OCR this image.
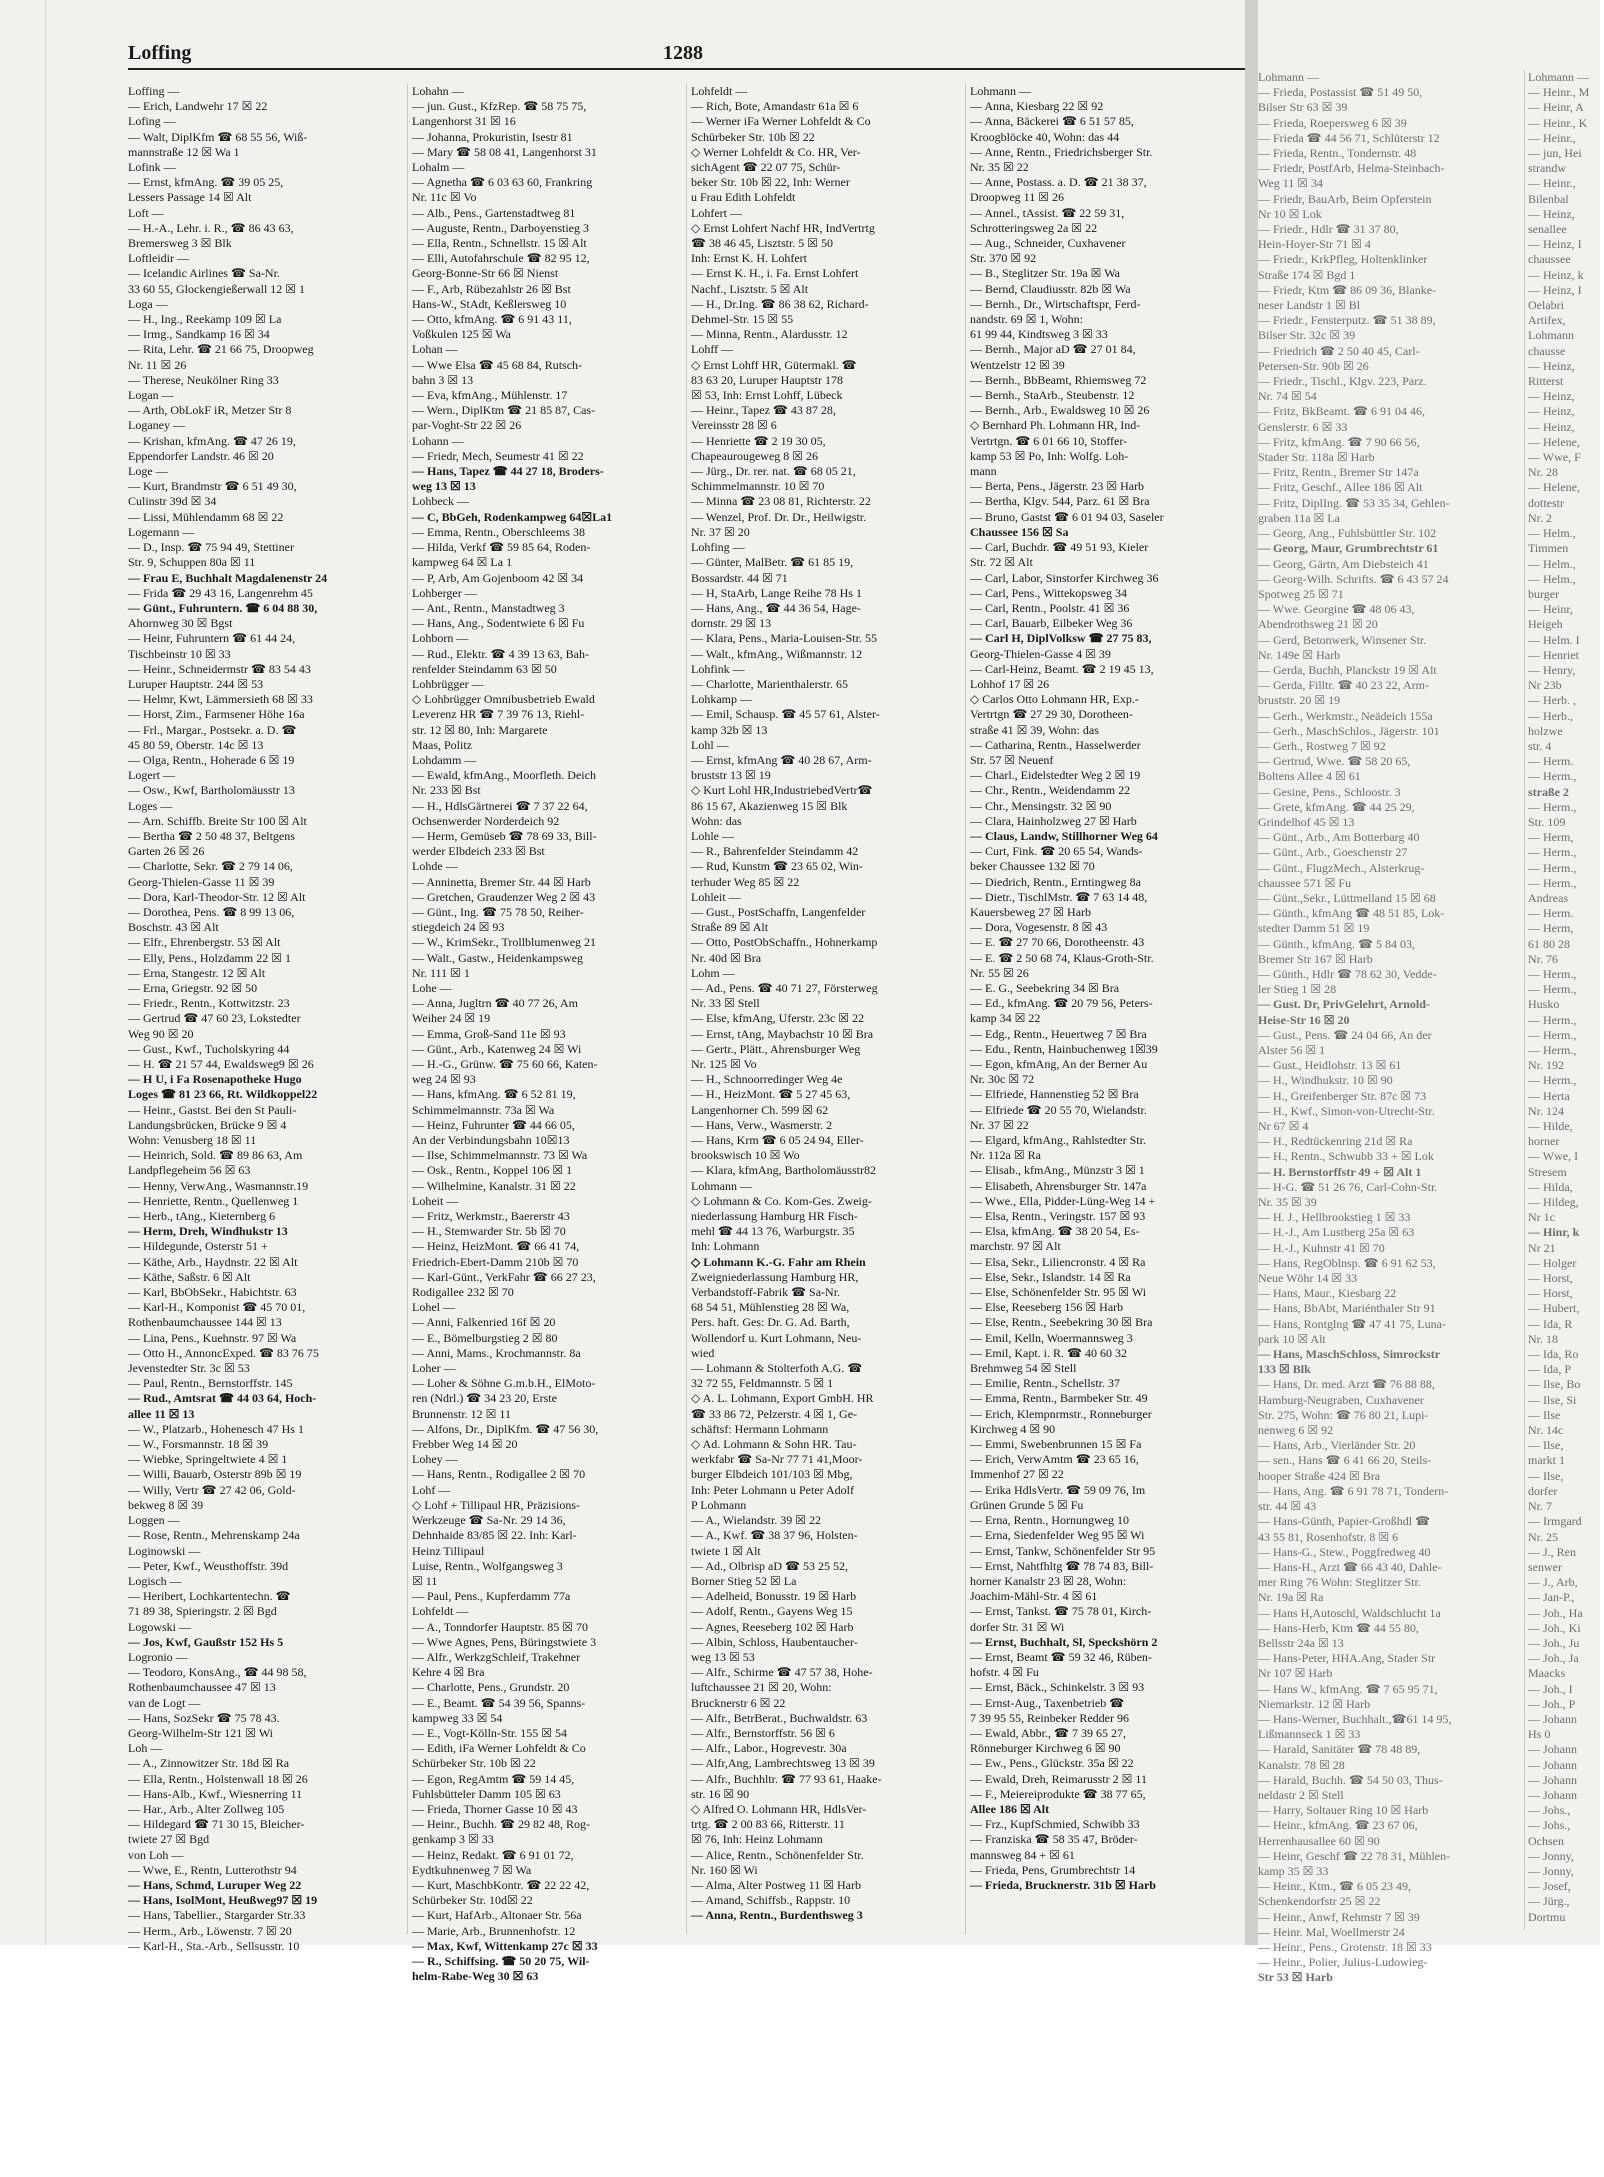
Loffing	1288
Loffing —
— Erich, Landwehr 17 ☒ 22
Lofing —
— Walt, DiplKfm ☎ 68 55 56, Wiß-
mannstraße 12 ☒ Wa 1
Lofink —
— Ernst, kfmAng. ☎ 39 05 25,
Lessers Passage 14 ☒ Alt
Loft —
— H.-A., Lehr. i. R., ☎ 86 43 63,
Bremersweg 3 ☒ Blk
Loftleidir —
— Icelandic Airlines ☎ Sa-Nr.
33 60 55, Glockengießerwall 12 ☒ 1
Loga —
— H., Ing., Reekamp 109 ☒ La
— Irmg., Sandkamp 16 ☒ 34
— Rita, Lehr. ☎ 21 66 75, Droopweg
Nr. 11 ☒ 26
— Therese, Neukölner Ring 33
Logan —
— Arth, ObLokF iR, Metzer Str 8
Loganey —
— Krishan, kfmAng. ☎ 47 26 19,
Eppendorfer Landstr. 46 ☒ 20
Loge —
— Kurt, Brandmstr ☎ 6 51 49 30,
Culinstr 39d ☒ 34
— Lissi, Mühlendamm 68 ☒ 22
Logemann —
— D., Insp. ☎ 75 94 49, Stettiner
Str. 9, Schuppen 80a ☒ 11
— Frau E, Buchhalt Magdalenenstr 24
— Frida ☎ 29 43 16, Langenrehm 45
— Günt., Fuhruntern. ☎ 6 04 88 30,
Ahornweg 30 ☒ Bgst
— Heinr, Fuhruntern ☎ 61 44 24,
Tischbeinstr 10 ☒ 33
— Heinr., Schneidermstr ☎ 83 54 43
Luruper Hauptstr. 244 ☒ 53
— Helmr, Kwt, Lämmersieth 68 ☒ 33
— Horst, Zim., Farmsener Höhe 16a
— Frl., Margar., Postsekr. a. D. ☎
45 80 59, Oberstr. 14c ☒ 13
— Olga, Rentn., Hoherade 6 ☒ 19
Logert —
— Osw., Kwf, Bartholomäusstr 13
Loges —
— Arn. Schiffb. Breite Str 100 ☒ Alt
— Bertha ☎ 2 50 48 37, Beltgens
Garten 26 ☒ 26
— Charlotte, Sekr. ☎ 2 79 14 06,
Georg-Thielen-Gasse 11 ☒ 39
— Dora, Karl-Theodor-Str. 12 ☒ Alt
— Dorothea, Pens. ☎ 8 99 13 06,
Boschstr. 43 ☒ Alt
— Elfr., Ehrenbergstr. 53 ☒ Alt
— Elly, Pens., Holzdamm 22 ☒ 1
— Erna, Stangestr. 12 ☒ Alt
— Erna, Griegstr. 92 ☒ 50
— Friedr., Rentn., Kottwitzstr. 23
— Gertrud ☎ 47 60 23, Lokstedter
Weg 90 ☒ 20
— Gust., Kwf., Tucholskyring 44
— H. ☎ 21 57 44, Ewaldsweg9 ☒ 26
— H U, i Fa Rosenapotheke Hugo
Loges ☎ 81 23 66, Rt. Wildkoppel22
— Heinr., Gastst. Bei den St Pauli-
Landungsbrücken, Brücke 9 ☒ 4
Wohn: Venusberg 18 ☒ 11
— Heinrich, Sold. ☎ 89 86 63, Am
Landpflegeheim 56 ☒ 63
— Henny, VerwAng., Wasmannstr.19
— Henriette, Rentn., Quellenweg 1
— Herb., tAng., Kieternberg 6
— Herm, Dreh, Windhukstr 13
— Hildegunde, Osterstr 51 +
— Käthe, Arb., Haydnstr. 22 ☒ Alt
— Käthe, Saßstr. 6 ☒ Alt
— Karl, BbObSekr., Habichtstr. 63
— Karl-H., Komponist ☎ 45 70 01,
Rothenbaumchaussee 144 ☒ 13
— Lina, Pens., Kuehnstr. 97 ☒ Wa
— Otto H., AnnoncExped. ☎ 83 76 75
Jevenstedter Str. 3c ☒ 53
— Paul, Rentn., Bernstorffstr. 145
— Rud., Amtsrat ☎ 44 03 64, Hoch-
allee 11 ☒ 13
— W., Platzarb., Hohenesch 47 Hs 1
— W., Forsmannstr. 18 ☒ 39
— Wiebke, Springeltwiete 4 ☒ 1
— Willi, Bauarb, Osterstr 89b ☒ 19
— Willy, Vertr ☎ 27 42 06, Gold-
bekweg 8 ☒ 39
Loggen —
— Rose, Rentn., Mehrenskamp 24a
Loginowski —
— Peter, Kwf., Weusthoffstr. 39d
Logisch —
— Heribert, Lochkartentechn. ☎
71 89 38, Spieringstr. 2 ☒ Bgd
Logowski —
— Jos, Kwf, Gaußstr 152 Hs 5
Logronio —
— Teodoro, KonsAng., ☎ 44 98 58,
Rothenbaumchaussee 47 ☒ 13
van de Logt —
— Hans, SozSekr ☎ 75 78 43.
Georg-Wilhelm-Str 121 ☒ Wi
Loh —
— A., Zinnowitzer Str. 18d ☒ Ra
— Ella, Rentn., Holstenwall 18 ☒ 26
— Hans-Alb., Kwf., Wiesnerring 11
— Har., Arb., Alter Zollweg 105
— Hildegard ☎ 71 30 15, Bleicher-
twiete 27 ☒ Bgd
von Loh —
— Wwe, E., Rentn, Lutterothstr 94
— Hans, Schmd, Luruper Weg 22
— Hans, IsolMont, Heußweg97 ☒ 19
— Hans, Tabellier., Stargarder Str.33
— Herm., Arb., Löwenstr. 7 ☒ 20
— Karl-H., Sta.-Arb., Sellsusstr. 10
Lohahn —
— jun. Gust., KfzRep. ☎ 58 75 75,
Langenhorst 31 ☒ 16
— Johanna, Prokuristin, Isestr 81
— Mary ☎ 58 08 41, Langenhorst 31
Lohalm —
— Agnetha ☎ 6 03 63 60, Frankring
Nr. 11c ☒ Vo
— Alb., Pens., Gartenstadtweg 81
— Auguste, Rentn., Darboyenstieg 3
— Ella, Rentn., Schnellstr. 15 ☒ Alt
— Elli, Autofahrschule ☎ 82 95 12,
Georg-Bonne-Str 66 ☒ Nienst
— F., Arb, Rübezahlstr 26 ☒ Bst
Hans-W., StAdt, Keßlersweg 10
— Otto, kfmAng. ☎ 6 91 43 11,
Voßkulen 125 ☒ Wa
Lohan —
— Wwe Elsa ☎ 45 68 84, Rutsch-
bahn 3 ☒ 13
— Eva, kfmAng., Mühlenstr. 17
— Wern., DiplKtm ☎ 21 85 87, Cas-
par-Voght-Str 22 ☒ 26
Lohann —
— Friedr, Mech, Seumestr 41 ☒ 22
— Hans, Tapez ☎ 44 27 18, Broders-
weg 13 ☒ 13
Lohbeck —
— C, BbGeh, Rodenkampweg 64☒La1
— Emma, Rentn., Oberschleems 38
— Hilda, Verkf ☎ 59 85 64, Roden-
kampweg 64 ☒ La 1
— P, Arb, Am Gojenboom 42 ☒ 34
Lohberger —
— Ant., Rentn., Manstadtweg 3
— Hans, Ang., Sodentwiete 6 ☒ Fu
Lohborn —
— Rud., Elektr. ☎ 4 39 13 63, Bah-
renfelder Steindamm 63 ☒ 50
Lohbrügger —
◇ Lohbrügger Omnibusbetrieb Ewald
Leverenz HR ☎ 7 39 76 13, Riehl-
str. 12 ☒ 80, Inh: Margarete
Maas, Politz
Lohdamm —
— Ewald, kfmAng., Moorfleth. Deich
Nr. 233 ☒ Bst
— H., HdlsGärtnerei ☎ 7 37 22 64,
Ochsenwerder Norderdeich 92
— Herm, Gemüseb ☎ 78 69 33, Bill-
werder Elbdeich 233 ☒ Bst
Lohde —
— Anninetta, Bremer Str. 44 ☒ Harb
— Gretchen, Graudenzer Weg 2 ☒ 43
— Günt., Ing. ☎ 75 78 50, Reiher-
stiegdeich 24 ☒ 93
— W., KrimSekr., Trollblumenweg 21
— Walt., Gastw., Heidenkampsweg
Nr. 111 ☒ 1
Lohe —
— Anna, Jugltrn ☎ 40 77 26, Am
Weiher 24 ☒ 19
— Emma, Groß-Sand 11e ☒ 93
— Günt., Arb., Katenweg 24 ☒ Wi
— H.-G., Grünw. ☎ 75 60 66, Katen-
weg 24 ☒ 93
— Hans, kfmAng. ☎ 6 52 81 19,
Schimmelmannstr. 73a ☒ Wa
— Heinz, Fuhrunter ☎ 44 66 05,
An der Verbindungsbahn 10☒13
— Ilse, Schimmelmannstr. 73 ☒ Wa
— Osk., Rentn., Koppel 106 ☒ 1
— Wilhelmine, Kanalstr. 31 ☒ 22
Loheit —
— Fritz, Werkmstr., Baererstr 43
— H., Stemwarder Str. 5b ☒ 70
— Heinz, HeizMont. ☎ 66 41 74,
Friedrich-Ebert-Damm 210b ☒ 70
— Karl-Günt., VerkFahr ☎ 66 27 23,
Rodigallee 232 ☒ 70
Lohel —
— Anni, Falkenried 16f ☒ 20
— E., Bömelburgstieg 2 ☒ 80
— Anni, Mams., Krochmannstr. 8a
Loher —
— Loher & Söhne G.m.b.H., ElMoto-
ren (Ndrl.) ☎ 34 23 20, Erste
Brunnenstr. 12 ☒ 11
— Alfons, Dr., DiplKfm. ☎ 47 56 30,
Frebber Weg 14 ☒ 20
Lohey —
— Hans, Rentn., Rodigallee 2 ☒ 70
Lohf —
◇ Lohf + Tillipaul HR, Präzisions-
Werkzeuge ☎ Sa-Nr. 29 14 36,
Dehnhaide 83/85 ☒ 22. Inh: Karl-
Heinz Tillipaul
Luise, Rentn., Wolfgangsweg 3
☒ 11
— Paul, Pens., Kupferdamm 77a
Lohfeldt —
— A., Tonndorfer Hauptstr. 85 ☒ 70
— Wwe Agnes, Pens, Büringstwiete 3
— Alfr., WerkzgSchleif, Trakehner
Kehre 4 ☒ Bra
— Charlotte, Pens., Grundstr. 20
— E., Beamt. ☎ 54 39 56, Spanns-
kampweg 33 ☒ 54
— E., Vogt-Kölln-Str. 155 ☒ 54
— Edith, iFa Werner Lohfeldt & Co
Schürbeker Str. 10b ☒ 22
— Egon, RegAmtm ☎ 59 14 45,
Fuhlsbütteler Damm 105 ☒ 63
— Frieda, Thorner Gasse 10 ☒ 43
— Heinr., Buchh. ☎ 29 82 48, Rog-
genkamp 3 ☒ 33
— Heinz, Redakt. ☎ 6 91 01 72,
Eydtkuhnenweg 7 ☒ Wa
— Kurt, MaschbKontr. ☎ 22 22 42,
Schürbeker Str. 10d☒ 22
— Kurt, HafArb., Altonaer Str. 56a
— Marie, Arb., Brunnenhofstr. 12
— Max, Kwf, Wittenkamp 27c ☒ 33
— R., Schiffsing. ☎ 50 20 75, Wil-
helm-Rabe-Weg 30 ☒ 63
Lohfeldt —
— Rich, Bote, Amandastr 61a ☒ 6
— Werner iFa Werner Lohfeldt & Co
Schürbeker Str. 10b ☒ 22
◇ Werner Lohfeldt & Co. HR, Ver-
sichAgent ☎ 22 07 75, Schür-
beker Str. 10b ☒ 22, Inh: Werner
u Frau Edith Lohfeldt
Lohfert —
◇ Ernst Lohfert Nachf HR, IndVertrtg
☎ 38 46 45, Lisztstr. 5 ☒ 50
Inh: Ernst K. H. Lohfert
— Ernst K. H., i. Fa. Ernst Lohfert
Nachf., Lisztstr. 5 ☒ Alt
— H., Dr.Ing. ☎ 86 38 62, Richard-
Dehmel-Str. 15 ☒ 55
— Minna, Rentn., Alardusstr. 12
Lohff —
◇ Ernst Lohff HR, Gütermakl. ☎
83 63 20, Luruper Hauptstr 178
☒ 53, Inh: Ernst Lohff, Lübeck
— Heinr., Tapez ☎ 43 87 28,
Vereinsstr 28 ☒ 6
— Henriette ☎ 2 19 30 05,
Chapeaurougeweg 8 ☒ 26
— Jürg., Dr. rer. nat. ☎ 68 05 21,
Schimmelmannstr. 10 ☒ 70
— Minna ☎ 23 08 81, Richterstr. 22
— Wenzel, Prof. Dr. Dr., Heilwigstr.
Nr. 37 ☒ 20
Lohfing —
— Günter, MalBetr. ☎ 61 85 19,
Bossardstr. 44 ☒ 71
— H, StaArb, Lange Reihe 78 Hs 1
— Hans, Ang., ☎ 44 36 54, Hage-
dornstr. 29 ☒ 13
— Klara, Pens., Maria-Louisen-Str. 55
— Walt., kfmAng., Wißmannstr. 12
Lohfink —
— Charlotte, Marienthalerstr. 65
Lohkamp —
— Emil, Schausp. ☎ 45 57 61, Alster-
kamp 32b ☒ 13
Lohl —
— Ernst, kfmAng ☎ 40 28 67, Arm-
bruststr 13 ☒ 19
◇ Kurt Lohl HR,IndustriebedVertr☎
86 15 67, Akazienweg 15 ☒ Blk
Wohn: das
Lohle —
— R., Bahrenfelder Steindamm 42
— Rud, Kunstm ☎ 23 65 02, Win-
terhuder Weg 85 ☒ 22
Lohleit —
— Gust., PostSchaffn, Langenfelder
Straße 89 ☒ Alt
— Otto, PostObSchaffn., Hohnerkamp
Nr. 40d ☒ Bra
Lohm —
— Ad., Pens. ☎ 40 71 27, Försterweg
Nr. 33 ☒ Stell
— Else, kfmAng, Uferstr. 23c ☒ 22
— Ernst, tAng, Maybachstr 10 ☒ Bra
— Gertr., Plätt., Ahrensburger Weg
Nr. 125 ☒ Vo
— H., Schnoorredinger Weg 4e
— H., HeizMont. ☎ 5 27 45 63,
Langenhorner Ch. 599 ☒ 62
— Hans, Verw., Wasmerstr. 2
— Hans, Krm ☎ 6 05 24 94, Eller-
brookswisch 10 ☒ Wo
— Klara, kfmAng, Bartholomäusstr82
Lohmann —
◇ Lohmann & Co. Kom-Ges. Zweig-
niederlassung Hamburg HR Fisch-
mehl ☎ 44 13 76, Warburgstr. 35
Inh: Lohmann
◇ Lohmann K.-G. Fahr am Rhein
Zweigniederlassung Hamburg HR,
Verbandstoff-Fabrik ☎ Sa-Nr.
68 54 51, Mühlenstieg 28 ☒ Wa,
Pers. haft. Ges: Dr. G. Ad. Barth,
Wollendorf u. Kurt Lohmann, Neu-
wied
— Lohmann & Stolterfoth A.G. ☎
32 72 55, Feldmannstr. 5 ☒ 1
◇ A. L. Lohmann, Export GmbH. HR
☎ 33 86 72, Pelzerstr. 4 ☒ 1, Ge-
schäftsf: Hermann Lohmann
◇ Ad. Lohmann & Sohn HR. Tau-
werkfabr ☎ Sa-Nr 77 71 41,Moor-
burger Elbdeich 101/103 ☒ Mbg,
Inh: Peter Lohmann u Peter Adolf
P Lohmann
— A., Wielandstr. 39 ☒ 22
— A., Kwf. ☎ 38 37 96, Holsten-
twiete 1 ☒ Alt
— Ad., Olbrisp aD ☎ 53 25 52,
Borner Stieg 52 ☒ La
— Adelheid, Bonusstr. 19 ☒ Harb
— Adolf, Rentn., Gayens Weg 15
— Agnes, Reeseberg 102 ☒ Harb
— Albin, Schloss, Haubentaucher-
weg 13 ☒ 53
— Alfr., Schirme ☎ 47 57 38, Hohe-
luftchaussee 21 ☒ 20, Wohn:
Brucknerstr 6 ☒ 22
— Alfr., BetrBerat., Buchwaldstr. 63
— Alfr., Bernstorffstr. 56 ☒ 6
— Alfr., Labor., Hogrevestr. 30a
— Alfr,Ang, Lambrechtsweg 13 ☒ 39
— Alfr., Buchhltr. ☎ 77 93 61, Haake-
str. 16 ☒ 90
◇ Alfred O. Lohmann HR, HdlsVer-
trtg. ☎ 2 00 83 66, Ritterstr. 11
☒ 76, Inh: Heinz Lohmann
— Alice, Rentn., Schönenfelder Str.
Nr. 160 ☒ Wi
— Alma, Alter Postweg 11 ☒ Harb
— Amand, Schiffsb., Rappstr. 10
— Anna, Rentn., Burdenthsweg 3
Lohmann —
— Anna, Kiesbarg 22 ☒ 92
— Anna, Bäckerei ☎ 6 51 57 85,
Kroogblöcke 40, Wohn: das 44
— Anne, Rentn., Friedrichsberger Str.
Nr. 35 ☒ 22
— Anne, Postass. a. D. ☎ 21 38 37,
Droopweg 11 ☒ 26
— Annel., tAssist. ☎ 22 59 31,
Schrotteringsweg 2a ☒ 22
— Aug., Schneider, Cuxhavener
Str. 370 ☒ 92
— B., Steglitzer Str. 19a ☒ Wa
— Bernd, Claudiusstr. 82b ☒ Wa
— Bernh., Dr., Wirtschaftspr, Ferd-
nandstr. 69 ☒ 1, Wohn:
61 99 44, Kindtsweg 3 ☒ 33
— Bernh., Major aD ☎ 27 01 84,
Wentzelstr 12 ☒ 39
— Bernh., BbBeamt, Rhiemsweg 72
— Bernh., StaArb., Steubenstr. 12
— Bernh., Arb., Ewaldsweg 10 ☒ 26
◇ Bernhard Ph. Lohmann HR, Ind-
Vertrtgn. ☎ 6 01 66 10, Stoffer-
kamp 53 ☒ Po, Inh: Wolfg. Loh-
mann
— Berta, Pens., Jägerstr. 23 ☒ Harb
— Bertha, Klgv. 544, Parz. 61 ☒ Bra
— Bruno, Gastst ☎ 6 01 94 03, Saseler
Chaussee 156 ☒ Sa
— Carl, Buchdr. ☎ 49 51 93, Kieler
Str. 72 ☒ Alt
— Carl, Labor, Sinstorfer Kirchweg 36
— Carl, Pens., Wittekopsweg 34
— Carl, Rentn., Poolstr. 41 ☒ 36
— Carl, Bauarb, Eilbeker Weg 36
— Carl H, DiplVolksw ☎ 27 75 83,
Georg-Thielen-Gasse 4 ☒ 39
— Carl-Heinz, Beamt. ☎ 2 19 45 13,
Lohhof 17 ☒ 26
◇ Carlos Otto Lohmann HR, Exp.-
Vertrtgn ☎ 27 29 30, Dorotheen-
straße 41 ☒ 39, Wohn: das
— Catharina, Rentn., Hasselwerder
Str. 57 ☒ Neuenf
— Charl., Eidelstedter Weg 2 ☒ 19
— Chr., Rentn., Weidendamm 22
— Chr., Mensingstr. 32 ☒ 90
— Clara, Hainholzweg 27 ☒ Harb
— Claus, Landw, Stillhorner Weg 64
— Curt, Fink. ☎ 20 65 54, Wands-
beker Chaussee 132 ☒ 70
— Diedrich, Rentn., Erntingweg 8a
— Dietr., TischlMstr. ☎ 7 63 14 48,
Kauersbeweg 27 ☒ Harb
— Dora, Vogesenstr. 8 ☒ 43
— E. ☎ 27 70 66, Dorotheenstr. 43
— E. ☎ 2 50 68 74, Klaus-Groth-Str.
Nr. 55 ☒ 26
— E. G., Seebekring 34 ☒ Bra
— Ed., kfmAng. ☎ 20 79 56, Peters-
kamp 34 ☒ 22
— Edg., Rentn., Heuertweg 7 ☒ Bra
— Edu., Rentn, Hainbuchenweg 1☒39
— Egon, kfmAng, An der Berner Au
Nr. 30c ☒ 72
— Elfriede, Hannenstieg 52 ☒ Bra
— Elfriede ☎ 20 55 70, Wielandstr.
Nr. 37 ☒ 22
— Elgard, kfmAng., Rahlstedter Str.
Nr. 112a ☒ Ra
— Elisab., kfmAng., Münzstr 3 ☒ 1
— Elisabeth, Ahrensburger Str. 147a
— Wwe., Ella, Pidder-Lüng-Weg 14 +
— Elsa, Rentn., Veringstr. 157 ☒ 93
— Elsa, kfmAng. ☎ 38 20 54, Es-
marchstr. 97 ☒ Alt
— Elsa, Sekr., Liliencronstr. 4 ☒ Ra
— Else, Sekr., Islandstr. 14 ☒ Ra
— Else, Schönenfelder Str. 95 ☒ Wi
— Else, Reeseberg 156 ☒ Harb
— Else, Rentn., Seebekring 30 ☒ Bra
— Emil, Kelln, Woermannsweg 3
— Emil, Kapt. i. R. ☎ 40 60 32
Brehmweg 54 ☒ Stell
— Emilie, Rentn., Schellstr. 37
— Emma, Rentn., Barmbeker Str. 49
— Erich, Klempnrmstr., Ronneburger
Kirchweg 4 ☒ 90
— Emmi, Swebenbrunnen 15 ☒ Fa
— Erich, VerwAmtm ☎ 23 65 16,
Immenhof 27 ☒ 22
— Erika HdlsVertr. ☎ 59 09 76, Im
Grünen Grunde 5 ☒ Fu
— Erna, Rentn., Hornungweg 10
— Erna, Siedenfelder Weg 95 ☒ Wi
— Ernst, Tankw, Schönenfelder Str 95
— Ernst, Nahtfhltg ☎ 78 74 83, Bill-
horner Kanalstr 23 ☒ 28, Wohn:
Joachim-Mähl-Str. 4 ☒ 61
— Ernst, Tankst. ☎ 75 78 01, Kirch-
dorfer Str. 31 ☒ Wi
— Ernst, Buchhalt, Sl, Speckshörn 2
— Ernst, Beamt ☎ 59 32 46, Rüben-
hofstr. 4 ☒ Fu
— Ernst, Bäck., Schinkelstr. 3 ☒ 93
— Ernst-Aug., Taxenbetrieb ☎
7 39 95 55, Reinbeker Redder 96
— Ewald, Abbr., ☎ 7 39 65 27,
Rönneburger Kirchweg 6 ☒ 90
— Ew., Pens., Glückstr. 35a ☒ 22
— Ewald, Dreh, Reimarusstr 2 ☒ 11
— F., Meiereiprodukte ☎ 38 77 65,
Allee 186 ☒ Alt
— Frz., KupfSchmied, Schwibb 33
— Franziska ☎ 58 35 47, Bröder-
mannsweg 84 + ☒ 61
— Frieda, Pens, Grumbrechtstr 14
— Frieda, Brucknerstr. 31b ☒ Harb
Lohmann —
— Frieda, Postassist ☎ 51 49 50,
Bilser Str 63 ☒ 39
— Frieda, Roepersweg 6 ☒ 39
— Frieda ☎ 44 56 71, Schlüterstr 12
— Frieda, Rentn., Tondernstr. 48
— Friedr, PostfArb, Helma-Steinbach-
Weg 11 ☒ 34
— Friedr, BauArb, Beim Opferstein
Nr 10 ☒ Lok
— Friedr., Hdlr ☎ 31 37 80,
Hein-Hoyer-Str 71 ☒ 4
— Friedr., KrkPfleg, Holtenklinker
Straße 174 ☒ Bgd 1
— Friedr, Ktm ☎ 86 09 36, Blanke-
neser Landstr 1 ☒ Bl
— Friedr., Fensterputz. ☎ 51 38 89,
Bilser Str. 32c ☒ 39
— Friedrich ☎ 2 50 40 45, Carl-
Petersen-Str. 90b ☒ 26
— Friedr., Tischl., Klgv. 223, Parz.
Nr. 74 ☒ 54
— Fritz, BkBeamt. ☎ 6 91 04 46,
Gensle​rstr. 6 ☒ 33
— Fritz, kfmAng. ☎ 7 90 66 56,
Stader Str. 118a ☒ Harb
— Fritz, Rentn., Bremer Str 147a
— Fritz, Geschf., Allee 186 ☒ Alt
— Fritz, DiplIng. ☎ 53 35 34, Gehlen-
graben 11a ☒ La
— Georg, Ang., Fuhlsbütt​ler Str. 102
— Georg, Maur, Grumbrechtstr 61
— Georg, Gärtn, Am Diebsteich 41
— Georg-Wilh. Schrifts. ☎ 6 43 57 24
Spotweg 25 ☒ 71
— Wwe. Georgine ☎ 48 06 43,
Abendrothsweg 21 ☒ 20
— Gerd, Betonwerk, Winsener Str.
Nr. 149e ☒ Harb
— Gerda, Buchh, Planckstr 19 ☒ Alt
— Gerda, Filltr. ☎ 40 23 22, Arm-
bruststr. 20 ☒ 19
— Gerh., Werkmstr., Neädeich 155a
— Gerh., MaschSchlos., Jägerstr. 101
— Gerh., Rostweg 7 ☒ 92
— Gertrud, Wwe. ☎ 58 20 65,
Boltens Allee 4 ☒ 61
— Gesine, Pens., Schloostr. 3
— Grete, kfmAng. ☎ 44 25 29,
Grindelhof 45 ☒ 13
— Günt., Arb., Am Botterbarg 40
— Günt., Arb., Goeschenstr 27
— Günt., FlugzMech., Alsterkrug-
chaussee 571 ☒ Fu
— Günt.,Sekr., Lüttmelland 15 ☒ 68
— Günth., kfmAng ☎ 48 51 85, Lok-
stedter Damm 51 ☒ 19
— Günth., kfmAng. ☎ 5 84 03,
Bremer Str 167 ☒ Harb
— Günth., Hdlr ☎ 78 62 30, Vedde-
ler Stieg 1 ☒ 28
— Gust. Dr, PrivGelehrt, Arnold-
Heise-Str 16 ☒ 20
— Gust., Pens. ☎ 24 04 66, An der
Alster 56 ☒ 1
— Gust., Heidlohstr. 13 ☒ 61
— H., Windhukstr. 10 ☒ 90
— H., Greifenberger Str. 87c ☒ 73
— H., Kwf., Simon-von-Utrecht-Str.
Nr 67 ☒ 4
— H., Redtückenring 21d ☒ Ra
— H., Rentn., Schwubb 33 + ☒ Lok
— H. Bernstorffstr 49 + ☒ Alt 1
— H-G. ☎ 51 26 76, Carl-Cohn-Str.
Nr. 35 ☒ 39
— H. J., Hellbrookstieg 1 ☒ 33
— H.-J., Am Lustberg 25a ☒ 63
— H.-J., Kuhnstr 41 ☒ 70
— Hans, RegOblnsp. ☎ 6 91 62 53,
Neue Wöhr 14 ☒ 33
— Hans, Maur., Kiesbarg 22
— Hans, BbAbt, Mariénthaler Str 91
— Hans, Rontglng ☎ 47 41 75, Luna-
park 10 ☒ Alt
— Hans, MaschSchloss, Simrockstr
133 ☒ Blk
— Hans, Dr. med. Arzt ☎ 76 88 88,
Hamburg-Neugraben, Cuxhavener
Str. 275, Wohn: ☎ 76 80 21, Lupi-
nenweg 6 ☒ 92
— Hans, Arb., Vierländer Str. 20
— sen., Hans ☎ 6 41 66 20, Steils-
hooper Straße 424 ☒ Bra
— Hans, Ang. ☎ 6 91 78 71, Tondern-
str. 44 ☒ 43
— Hans-Günth, Papier-Großhdl ☎
43 55 81, Rosenhofstr. 8 ☒ 6
— Hans-G., Stew., Poggfredweg 40
— Hans-H., Arzt ☎ 66 43 40, Dahle-
mer Ring 76 Wohn: Steglitzer Str.
Nr. 19a ☒ Ra
— Hans H,Autoschl, Waldschlucht 1a
— Hans-Herb, Ktm ☎ 44 55 80,
Bellsstr 24a ☒ 13
— Hans-Peter, HHA.Ang, Stader Str
Nr 107 ☒ Harb
— Hans W., kfmAng. ☎ 7 65 95 71,
Niemarkstr. 12 ☒ Harb
— Hans-Werner, Buchhalt.,☎61 14 95,
Lißmannseck 1 ☒ 33
— Harald, Sanitäter ☎ 78 48 89,
Kanalstr. 78 ☒ 28
— Harald, Buchh. ☎ 54 50 03, Thus-
neldastr 2 ☒ Stell
— Harry, Soltauer Ring 10 ☒ Harb
— Heinr., kfmAng. ☎ 23 67 06,
Herrenhausallee 60 ☒ 90
— Heinr, Geschf ☎ 22 78 31, Mühlen-
kamp 35 ☒ 33
— Heinr., Ktm., ☎ 6 05 23 49,
Schenkendorfstr 25 ☒ 22
— Heinr., Anwf, Rehmstr 7 ☒ 39
— Heinr. Mal, Woellmerstr 24
— Heinr., Pens., Grotenstr. 18 ☒ 33
— Heinr., Polier, Julius-Ludowieg-
Str 53 ☒ Harb
Lohmann —
— Heinr., M
— Heinr, A
— Heinr., K
— Heinr.,
— jun, Hei
strandw
— Heinr.,
Bilenbal
— Heinz,
senallee
— Heinz, I
chaussee
— Heinz, k
— Heinz, I
Oelabri
Artifex,
Lohmann
chausse
— Heinz,
Ritterst
— Heinz,
— Heinz,
— Heinz,
— Helene,
— Wwe, F
Nr. 28
— Helene,
dottestr
Nr. 2
— Helm.,
Timmen
— Helm.,
— Helm.,
burger
— Heinr,
Heigeh
— Helm. I
— Henriet
— Henry,
Nr 23b
— Herb. ,
— Herb.,
holzwe
str. 4
— Herm.
— Herm.,
straße 2
— Herm.,
Str. 109
— Herm,
— Herm.,
— Herm.,
— Herm.,
Andreas
— Herm.
— Herm,
61 80 28
Nr. 76
— Herm.,
— Herm.,
Husko
— Herm.,
— Herm.,
— Herm.,
Nr. 192
— Herm.,
— Herta
Nr. 124
— Hilde,
horner
— Wwe, I
Stresem
— Hilda,
— Hildeg,
Nr 1c
— Hinr, k
Nr 21
— Holger
— Horst,
— Horst,
— Hubert,
— Ida, R
Nr. 18
— Ida, Ro
— Ida, P
— Ilse, Bo
— Ilse, Si
— Ilse
Nr. 14c
— Ilse,
markt 1
— Ilse,
dorfer
Nr. 7
— Irmgard
Nr. 25
— J., Ren
senwer
— J., Arb,
— Jan-P.,
— Joh., Ha
— Joh., Ki
— Joh., Ju
— Joh., Ja
Maacks
— Joh., I
— Joh., P
— Johann
Hs 0
— Johann
— Johann
— Johann
— Johann
— Johs.,
— Johs.,
Ochsen
— Jonny,
— Jonny,
— Josef,
— Jürg.,
Dortmu
